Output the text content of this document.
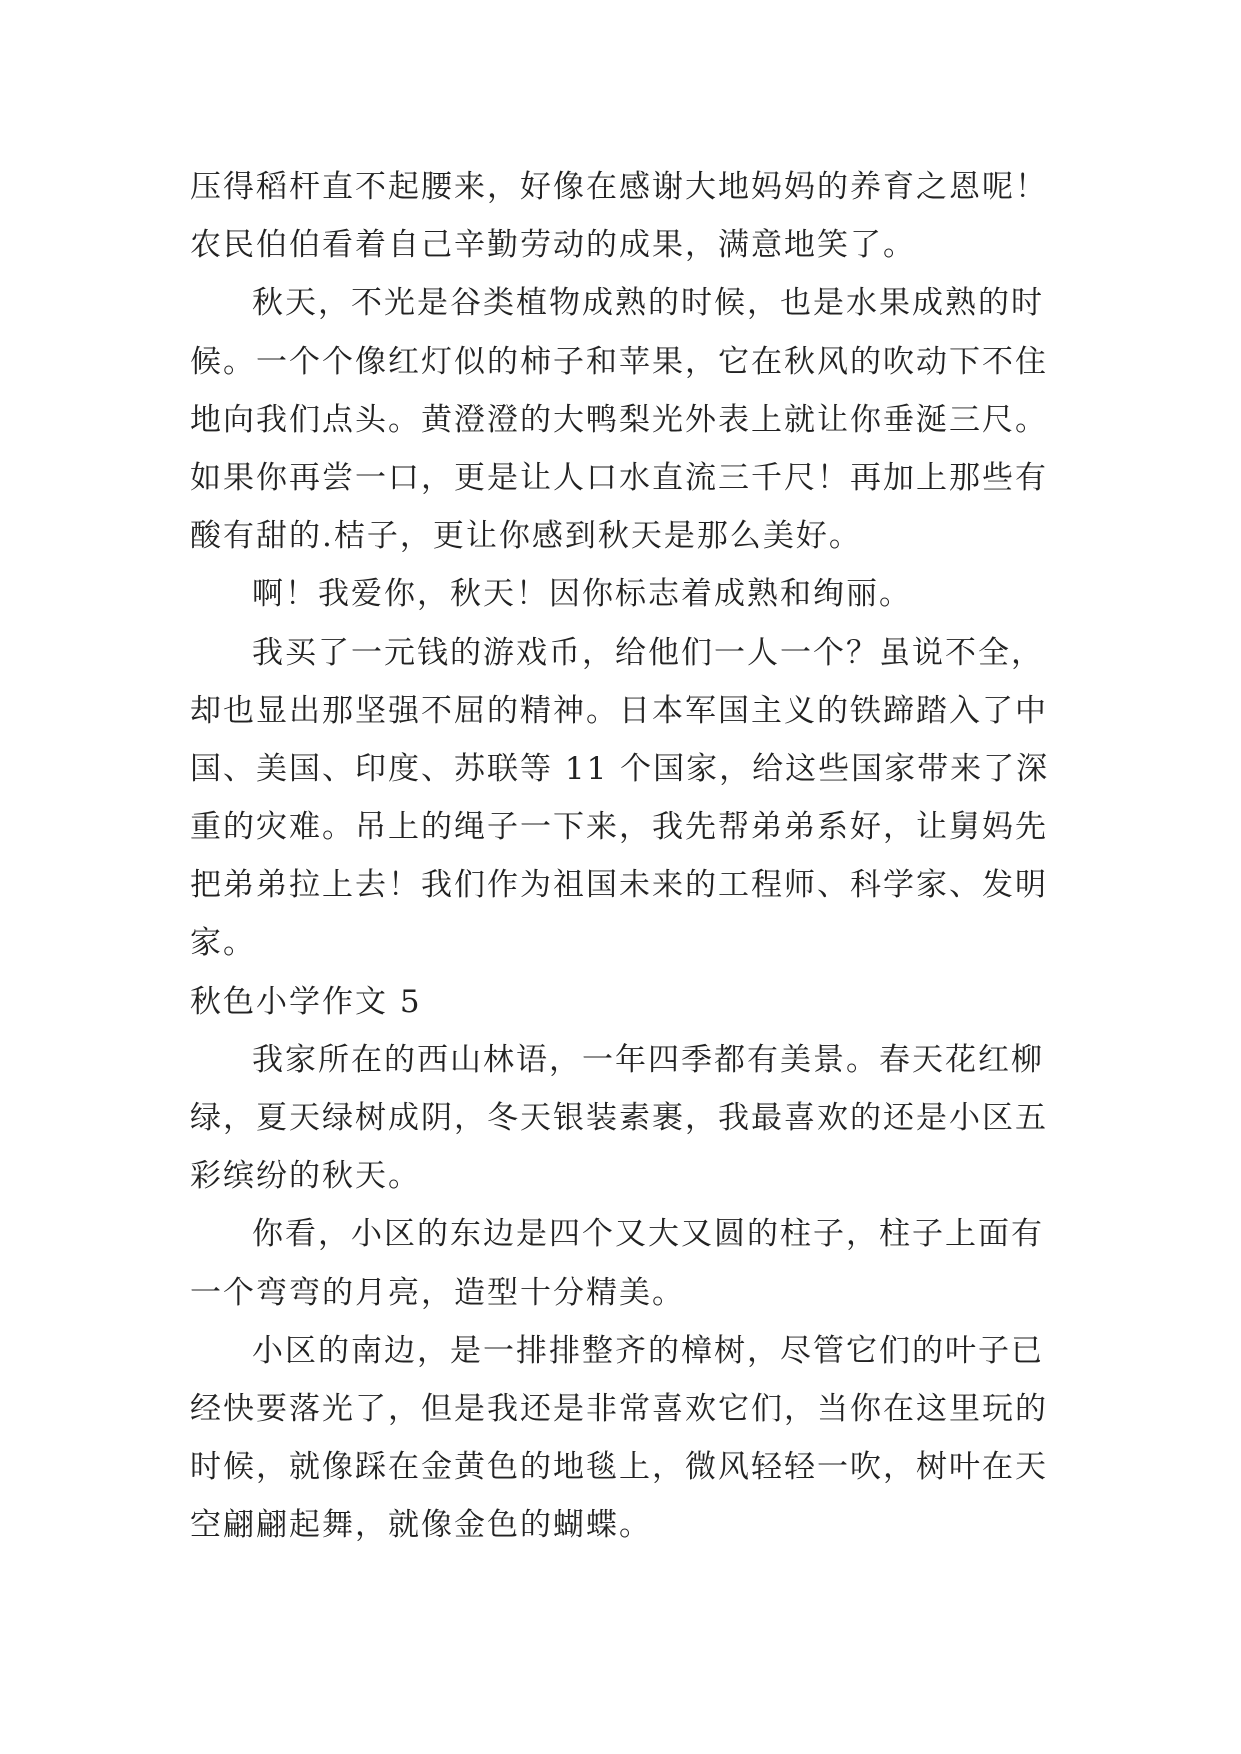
压得稻杆直不起腰来，好像在感谢大地妈妈的养育之恩呢！
农民伯伯看着自己辛勤劳动的成果，满意地笑了。
秋天，不光是谷类植物成熟的时候，也是水果成熟的时
候。一个个像红灯似的柿子和苹果，它在秋风的吹动下不住
地向我们点头。黄澄澄的大鸭梨光外表上就让你垂涎三尺。
如果你再尝一口，更是让人口水直流三千尺！再加上那些有
酸有甜的.桔子，更让你感到秋天是那么美好。
啊！我爱你，秋天！因你标志着成熟和绚丽。
我买了一元钱的游戏币，给他们一人一个？虽说不全，
却也显出那坚强不屈的精神。日本军国主义的铁蹄踏入了中
国、美国、印度、苏联等 11 个国家，给这些国家带来了深
重的灾难。吊上的绳子一下来，我先帮弟弟系好，让舅妈先
把弟弟拉上去！我们作为祖国未来的工程师、科学家、发明
家。
秋色小学作文 5
我家所在的西山林语，一年四季都有美景。春天花红柳
绿，夏天绿树成阴，冬天银装素裹，我最喜欢的还是小区五
彩缤纷的秋天。
你看，小区的东边是四个又大又圆的柱子，柱子上面有
一个弯弯的月亮，造型十分精美。
小区的南边，是一排排整齐的樟树，尽管它们的叶子已
经快要落光了，但是我还是非常喜欢它们，当你在这里玩的
时候，就像踩在金黄色的地毯上，微风轻轻一吹，树叶在天
空翩翩起舞，就像金色的蝴蝶。
